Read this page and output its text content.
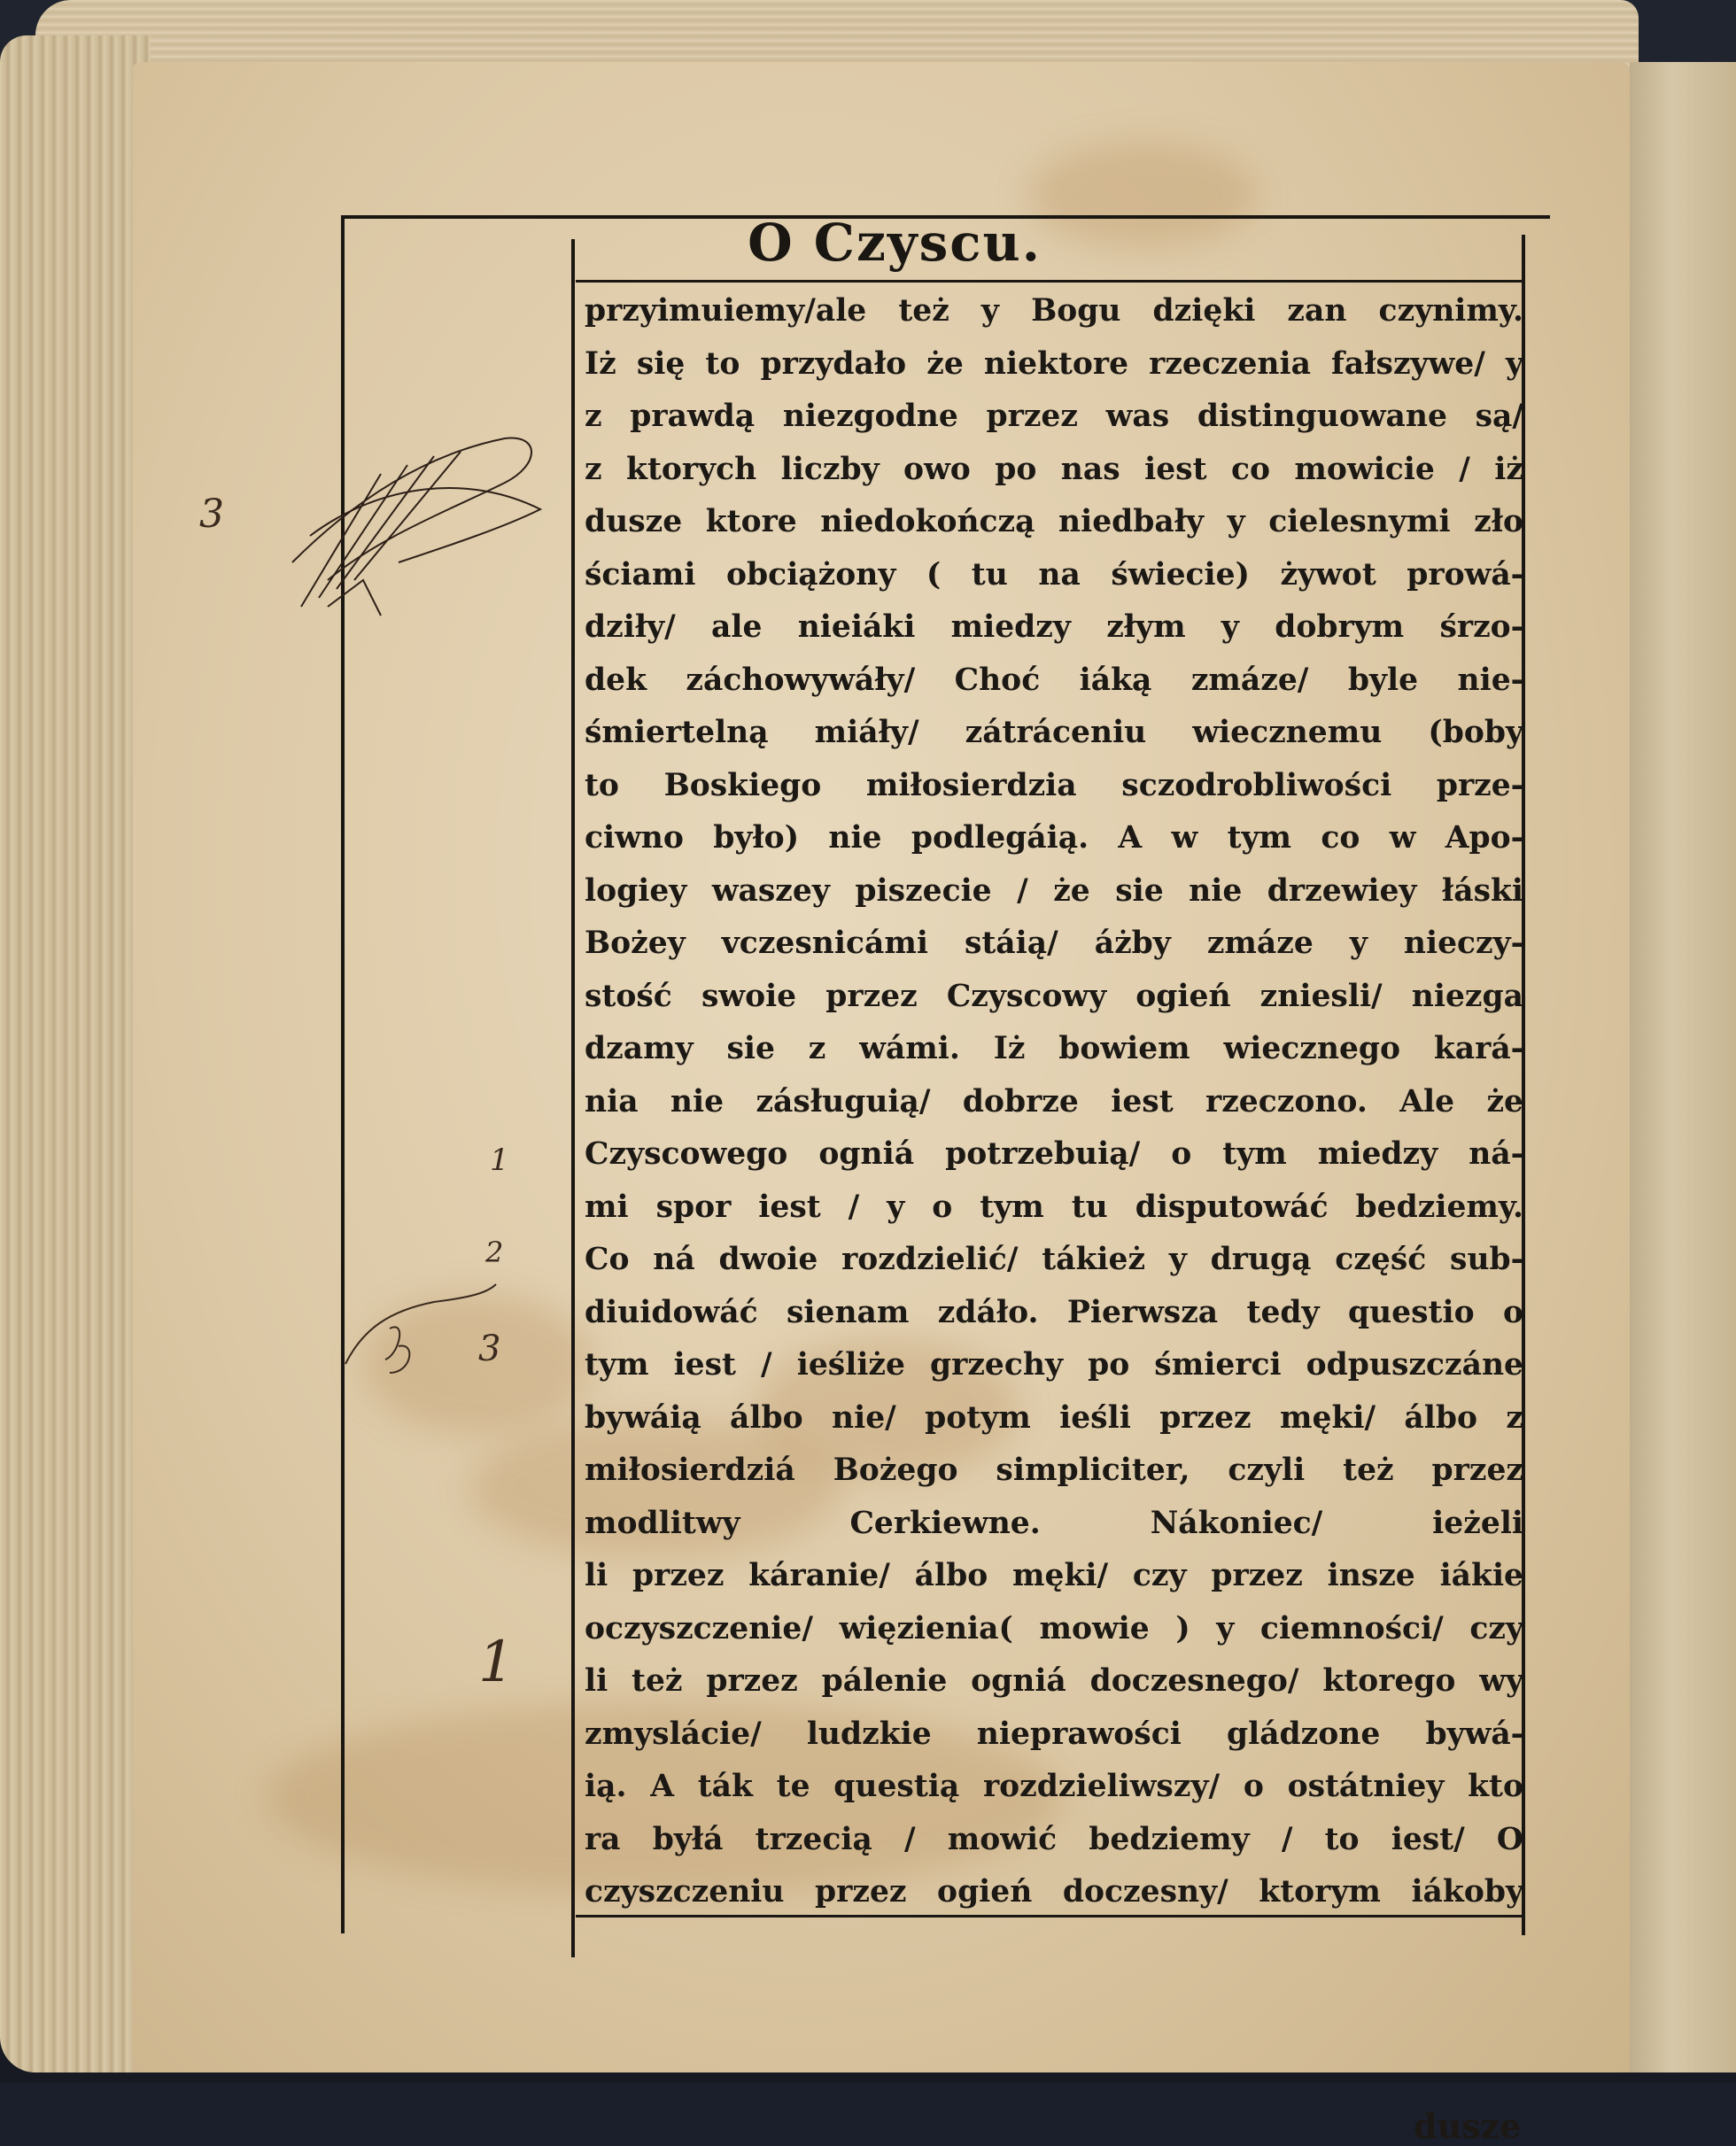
O Czyscu.
przyimuiemy/ale też y Bogu dzięki zan czynimy.
Iż się to przydało że niektore rzeczenia fałszywe/ y
z prawdą niezgodne przez was distinguowane są/
z ktorych liczby owo po nas iest co mowicie / iż
dusze ktore niedokończą niedbały y cielesnymi zło
ściami obciążony ( tu na świecie) żywot prowá-
dziły/ ale nieiáki miedzy złym y dobrym śrzo-
dek záchowywáły/ Choć iáką zmáze/ byle nie-
śmiertelną miáły/ zátráceniu wiecznemu (boby
to Boskiego miłosierdzia sczodrobliwości prze-
ciwno było) nie podlegáią. A w tym co w Apo-
logiey waszey piszecie / że sie nie drzewiey łáski
Bożey vczesnicámi stáią/ áżby zmáze y nieczy-
stość swoie przez Czyscowy ogień zniesli/ niezga
dzamy sie z wámi. Iż bowiem wiecznego kará-
nia nie zásługuią/ dobrze iest rzeczono. Ale że
Czyscowego ogniá potrzebuią/ o tym miedzy ná-
mi spor iest / y o tym tu disputowáć bedziemy.
Co ná dwoie rozdzielić/ tákież y drugą część sub-
diuidowáć sienam zdáło. Pierwsza tedy questio o
tym iest / ieśliże grzechy po śmierci odpuszczáne
bywáią álbo nie/ potym ieśli przez męki/ álbo z
miłosierdziá Bożego simpliciter, czyli też przez
modlitwy Cerkiewne. Nákoniec/ ieżeli
li przez káranie/ álbo męki/ czy przez insze iákie
oczyszczenie/ więzienia( mowie ) y ciemności/ czy
li też przez pálenie ogniá doczesnego/ ktorego wy
zmyslácie/ ludzkie nieprawości gládzone bywá-
ią. A ták te questią rozdzieliwszy/ o ostátniey kto
ra byłá trzecią / mowić bedziemy / to iest/ O
czyszczeniu przez ogień doczesny/ ktorym iákoby
3
1
2
3
1
dusze
